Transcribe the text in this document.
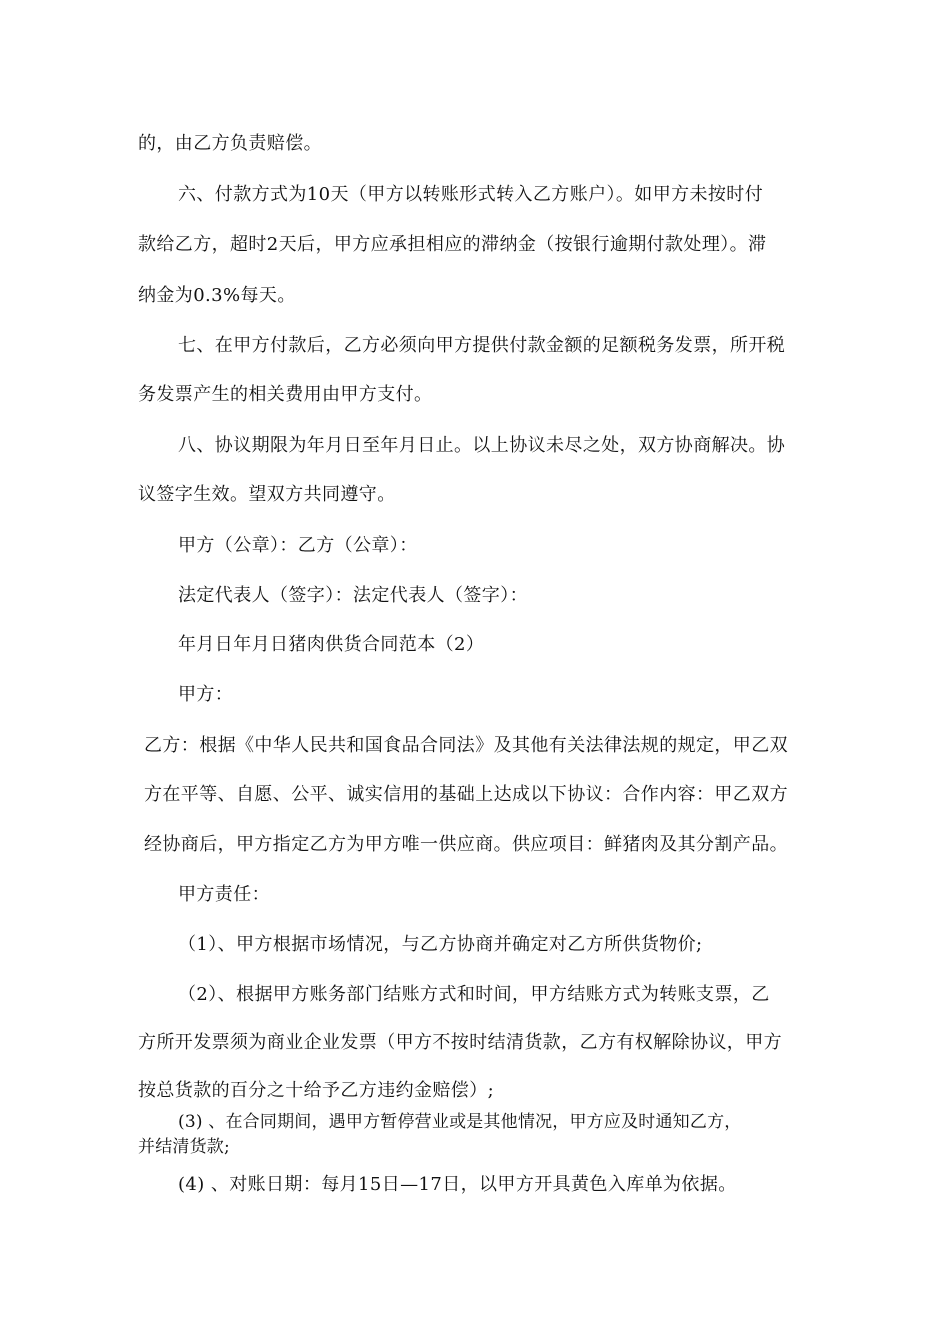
的，由乙方负责赔偿。
六、付款方式为10天（甲方以转账形式转入乙方账户）。如甲方未按时付
款给乙方，超时2天后，甲方应承担相应的滞纳金（按银行逾期付款处理）。滞
纳金为0.3%每天。
七、在甲方付款后，乙方必须向甲方提供付款金额的足额税务发票，所开税
务发票产生的相关费用由甲方支付。
八、协议期限为年月日至年月日止。以上协议未尽之处，双方协商解决。协
议签字生效。望双方共同遵守。
甲方（公章）：乙方（公章）：
法定代表人（签字）：法定代表人（签字）：
年月日年月日猪肉供货合同范本（2）
甲方：
乙方：根据《中华人民共和国食品合同法》及其他有关法律法规的规定，甲乙双
方在平等、自愿、公平、诚实信用的基础上达成以下协议：合作内容：甲乙双方
经协商后，甲方指定乙方为甲方唯一供应商。供应项目：鲜猪肉及其分割产品。
甲方责任：
（1）、甲方根据市场情况，与乙方协商并确定对乙方所供货物价;
（2）、根据甲方账务部门结账方式和时间，甲方结账方式为转账支票，乙
方所开发票须为商业企业发票（甲方不按时结清货款，乙方有权解除协议，甲方
按总货款的百分之十给予乙方违约金赔偿）;
(3) 、在合同期间，遇甲方暂停营业或是其他情况，甲方应及时通知乙方，
并结清货款;
(4) 、对账日期：每月15日—17日，以甲方开具黄色入库单为依据。
